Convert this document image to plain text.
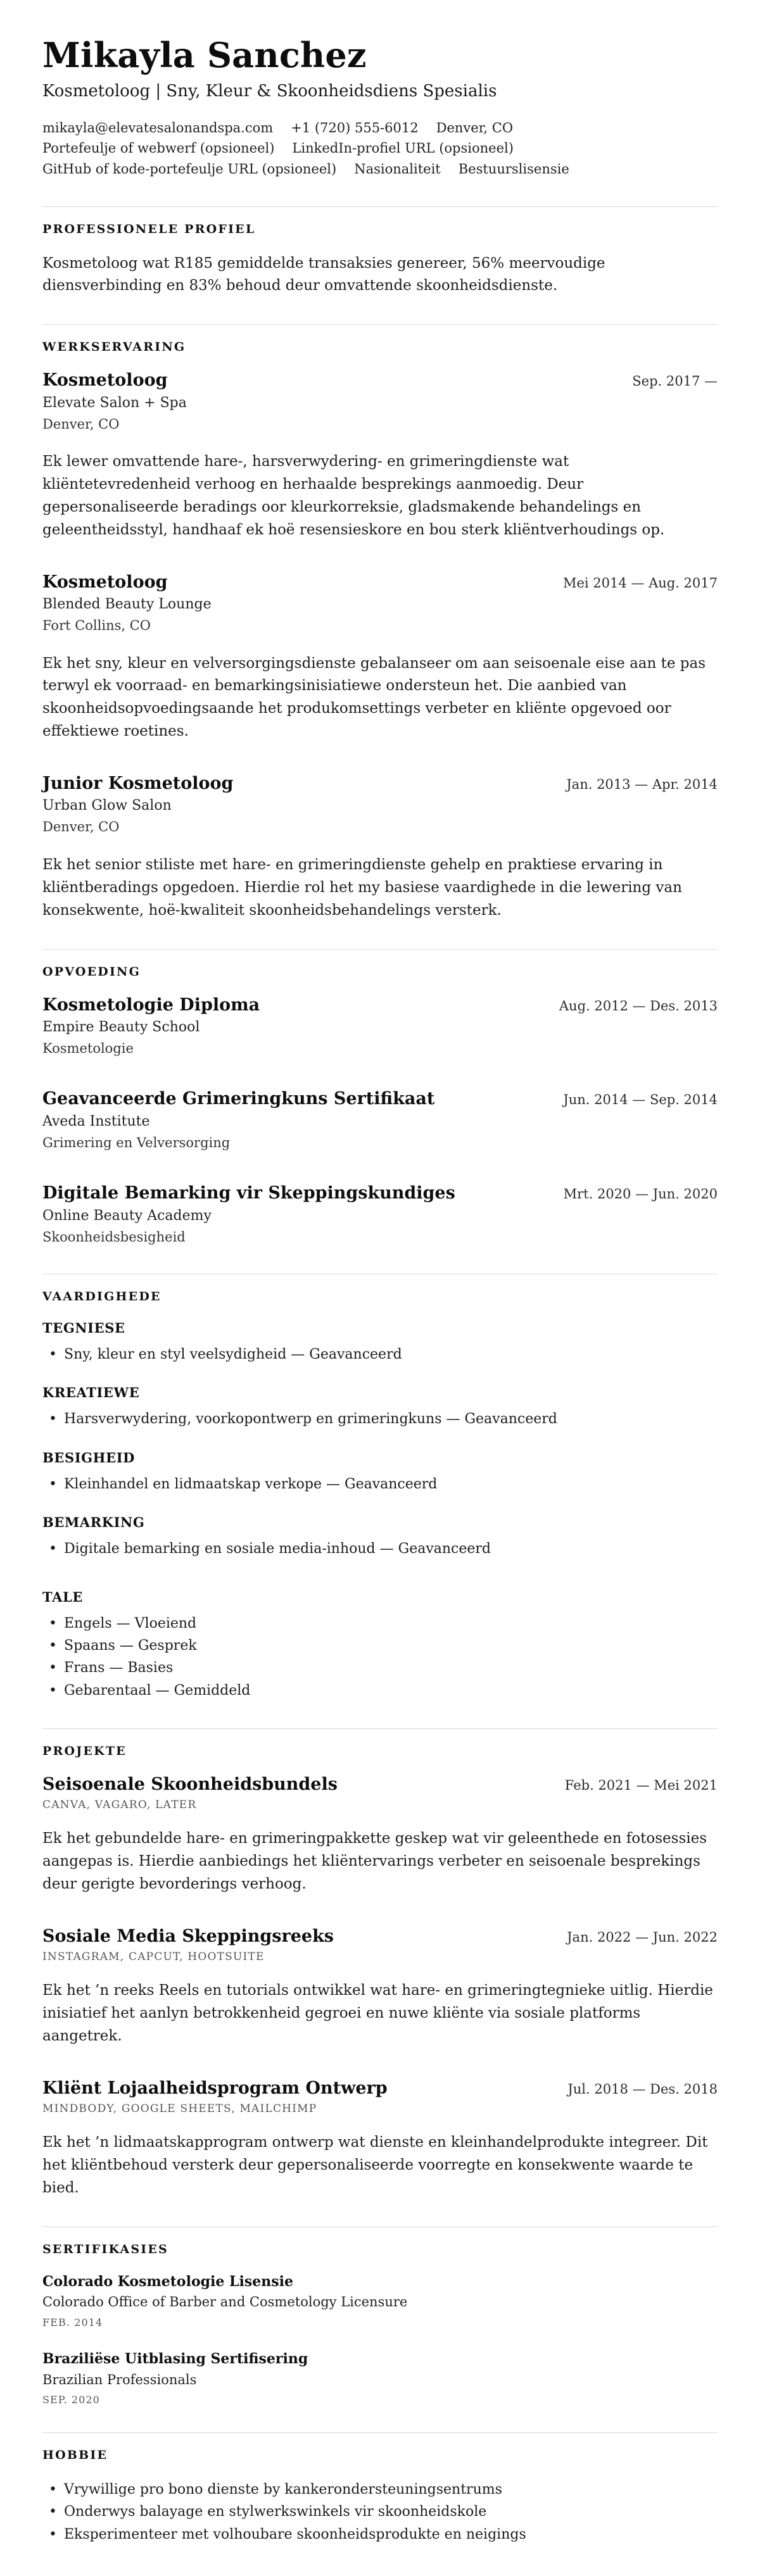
Mikayla Sanchez
Kosmetoloog | Sny, Kleur & Skoonheidsdiens Spesialis
mikayla@elevatesalonandspa.com +1 (720) 555-6012 Denver, CO
Portefeulje of webwerf (opsioneel) LinkedIn-profiel URL (opsioneel)
GitHub of kode-portefeulje URL (opsioneel) Nasionaliteit Bestuurslisensie
PROFESSIONELE PROFIEL

Kosmetoloog wat R185 gemiddelde transaksies genereer, 56% meervoudige diensverbinding en 83% behoud deur omvattende skoonheidsdienste.

WERKSERVARING
Kosmetoloog	Sep. 2017 —
Elevate Salon + Spa
Denver, CO

Ek lewer omvattende hare-, harsverwydering- en grimeringdienste wat kliëntetevredenheid verhoog en herhaalde besprekings aanmoedig. Deur gepersonaliseerde beradings oor kleurkorreksie, gladsmakende behandelings en geleentheidsstyl, handhaaf ek hoë resensieskore en bou sterk kliëntverhoudings op.

Kosmetoloog	Mei 2014 — Aug. 2017
Blended Beauty Lounge
Fort Collins, CO

Ek het sny, kleur en velversorgingsdienste gebalanseer om aan seisoenale eise aan te pas terwyl ek voorraad- en bemarkingsinisiatiewe ondersteun het. Die aanbied van skoonheidsopvoedingsaande het produkomsettings verbeter en kliënte opgevoed oor effektiewe roetines.

Junior Kosmetoloog	Jan. 2013 — Apr. 2014
Urban Glow Salon
Denver, CO

Ek het senior stiliste met hare- en grimeringdienste gehelp en praktiese ervaring in kliëntberadings opgedoen. Hierdie rol het my basiese vaardighede in die lewering van konsekwente, hoë-kwaliteit skoonheidsbehandelings versterk.

OPVOEDING
Kosmetologie Diploma	Aug. 2012 — Des. 2013
Empire Beauty School
Kosmetologie
Geavanceerde Grimeringkuns Sertifikaat	Jun. 2014 — Sep. 2014
Aveda Institute
Grimering en Velversorging
Digitale Bemarking vir Skeppingskundiges	Mrt. 2020 — Jun. 2020
Online Beauty Academy
Skoonheidsbesigheid
VAARDIGHEDE
TEGNIESE
• Sny, kleur en styl veelsydigheid — Geavanceerd
KREATIEWE
• Harsverwydering, voorkopontwerp en grimeringkuns — Geavanceerd
BESIGHEID
• Kleinhandel en lidmaatskap verkope — Geavanceerd
BEMARKING
• Digitale bemarking en sosiale media-inhoud — Geavanceerd
TALE
• Engels — Vloeiend
• Spaans — Gesprek
• Frans — Basies
• Gebarentaal — Gemiddeld
PROJEKTE
Seisoenale Skoonheidsbundels	Feb. 2021 — Mei 2021
CANVA, VAGARO, LATER

Ek het gebundelde hare- en grimeringpakkette geskep wat vir geleenthede en fotosessies aangepas is. Hierdie aanbiedings het kliëntervarings verbeter en seisoenale besprekings deur gerigte bevorderings verhoog.

Sosiale Media Skeppingsreeks	Jan. 2022 — Jun. 2022
INSTAGRAM, CAPCUT, HOOTSUITE

Ek het ’n reeks Reels en tutorials ontwikkel wat hare- en grimeringtegnieke uitlig. Hierdie inisiatief het aanlyn betrokkenheid gegroei en nuwe kliënte via sosiale platforms aangetrek.

Kliënt Lojaalheidsprogram Ontwerp	Jul. 2018 — Des. 2018
MINDBODY, GOOGLE SHEETS, MAILCHIMP

Ek het ’n lidmaatskapprogram ontwerp wat dienste en kleinhandelprodukte integreer. Dit het kliëntbehoud versterk deur gepersonaliseerde voorregte en konsekwente waarde te bied.

SERTIFIKASIES
Colorado Kosmetologie Lisensie
Colorado Office of Barber and Cosmetology Licensure
FEB. 2014
Braziliëse Uitblasing Sertifisering
Brazilian Professionals
SEP. 2020
HOBBIE
• Vrywillige pro bono dienste by kankerondersteuningsentrums
• Onderwys balayage en stylwerkswinkels vir skoonheidskole
• Eksperimenteer met volhoubare skoonheidsprodukte en neigings
